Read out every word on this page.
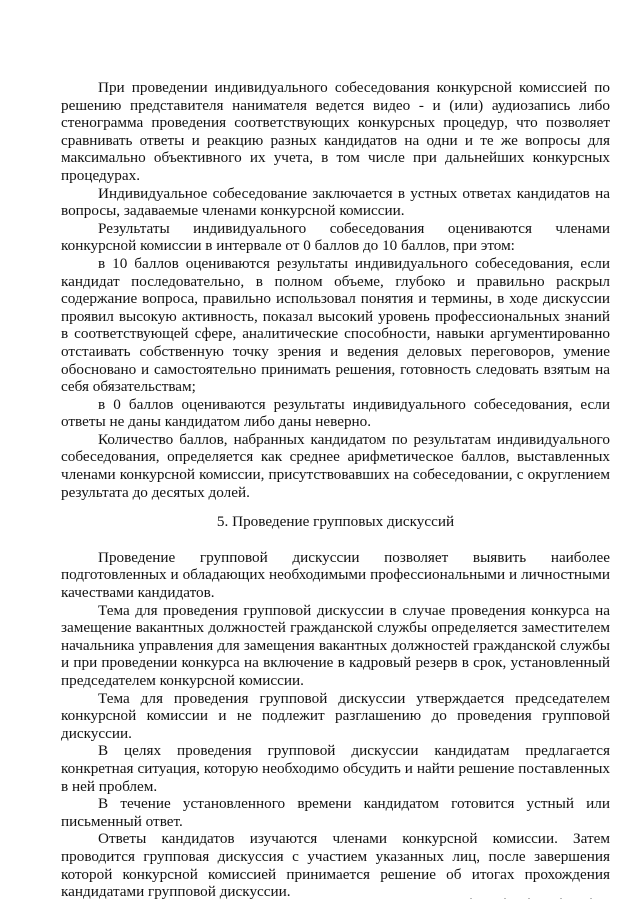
При проведении индивидуального собеседования конкурсной комиссией по решению представителя нанимателя ведется видео - и (или) аудиозапись либо стенограмма проведения соответствующих конкурсных процедур, что позволяет сравнивать ответы и реакцию разных кандидатов на одни и те же вопросы для максимально объективного их учета, в том числе при дальнейших конкурсных процедурах.

Индивидуальное собеседование заключается в устных ответах кандидатов на вопросы, задаваемые членами конкурсной комиссии.

Результаты индивидуального собеседования оцениваются членами конкурсной комиссии в интервале от 0 баллов до 10 баллов, при этом:

в 10 баллов оцениваются результаты индивидуального собеседования, если кандидат последовательно, в полном объеме, глубоко и правильно раскрыл содержание вопроса, правильно использовал понятия и термины, в ходе дискуссии проявил высокую активность, показал высокий уровень профессиональных знаний в соответствующей сфере, аналитические способности, навыки аргументированно отстаивать собственную точку зрения и ведения деловых переговоров, умение обосновано и самостоятельно принимать решения, готовность следовать взятым на себя обязательствам;

в 0 баллов оцениваются результаты индивидуального собеседования, если ответы не даны кандидатом либо даны неверно.

Количество баллов, набранных кандидатом по результатам индивидуального собеседования, определяется как среднее арифметическое баллов, выставленных членами конкурсной комиссии, присутствовавших на собеседовании, с округлением результата до десятых долей.

5. Проведение групповых дискуссий

Проведение групповой дискуссии позволяет выявить наиболее подготовленных и обладающих необходимыми профессиональными и личностными качествами кандидатов.

Тема для проведения групповой дискуссии в случае проведения конкурса на замещение вакантных должностей гражданской службы определяется заместителем начальника управления для замещения вакантных должностей гражданской службы и при проведении конкурса на включение в кадровый резерв в срок, установленный председателем конкурсной комиссии.

Тема для проведения групповой дискуссии утверждается председателем конкурсной комиссии и не подлежит разглашению до проведения групповой дискуссии.

В целях проведения групповой дискуссии кандидатам предлагается конкретная ситуация, которую необходимо обсудить и найти решение поставленных в ней проблем.

В течение установленного времени кандидатом готовится устный или письменный ответ.

Ответы кандидатов изучаются членами конкурсной комиссии. Затем проводится групповая дискуссия с участием указанных лиц, после завершения которой конкурсной комиссией принимается решение об итогах прохождения кандидатами групповой дискуссии.
